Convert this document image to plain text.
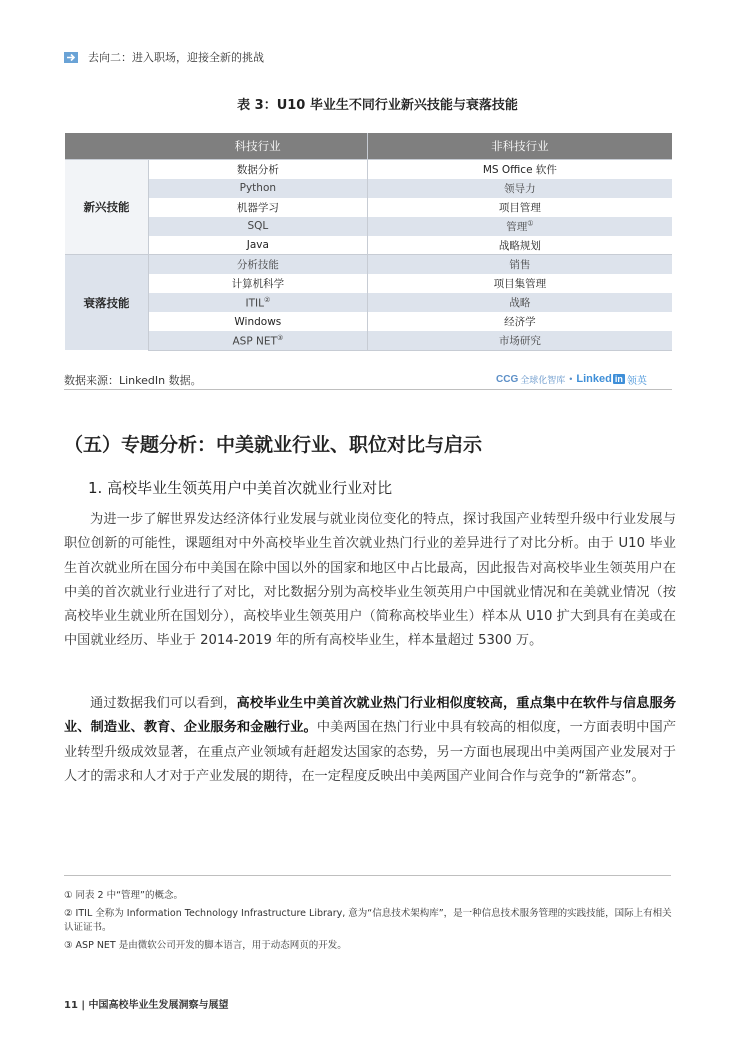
去向二：进入职场，迎接全新的挑战
表 3：U10 毕业生不同行业新兴技能与衰落技能
	科技行业	非科技行业
新兴技能	数据分析	MS Office 软件
	Python	领导力
	机器学习	项目管理
	SQL	管理①
	Java	战略规划
衰落技能	分析技能	销售
	计算机科学	项目集管理
	ITIL②	战略
	Windows	经济学
	ASP NET③	市场研究
数据来源：LinkedIn 数据。	CCG 全球化智库 • Linked in 领英
（五）专题分析：中美就业行业、职位对比与启示
1. 高校毕业生领英用户中美首次就业行业对比
为进一步了解世界发达经济体行业发展与就业岗位变化的特点，探讨我国产业转型升级中行业发展与职位创新的可能性，课题组对中外高校毕业生首次就业热门行业的差异进行了对比分析。由于 U10 毕业生首次就业所在国分布中美国在除中国以外的国家和地区中占比最高，因此报告对高校毕业生领英用户在中美的首次就业行业进行了对比，对比数据分别为高校毕业生领英用户中国就业情况和在美就业情况（按高校毕业生就业所在国划分），高校毕业生领英用户（简称高校毕业生）样本从 U10 扩大到具有在美或在中国就业经历、毕业于 2014-2019 年的所有高校毕业生，样本量超过 5300 万。
通过数据我们可以看到，高校毕业生中美首次就业热门行业相似度较高，重点集中在软件与信息服务业、制造业、教育、企业服务和金融行业。中美两国在热门行业中具有较高的相似度，一方面表明中国产业转型升级成效显著，在重点产业领域有赶超发达国家的态势，另一方面也展现出中美两国产业发展对于人才的需求和人才对于产业发展的期待，在一定程度反映出中美两国产业间合作与竞争的“新常态”。
① 同表 2 中“管理”的概念。
② ITIL 全称为 Information Technology Infrastructure Library, 意为“信息技术架构库”，是一种信息技术服务管理的实践技能，国际上有相关认证证书。
③ ASP NET 是由微软公司开发的脚本语言，用于动态网页的开发。
11 | 中国高校毕业生发展洞察与展望
